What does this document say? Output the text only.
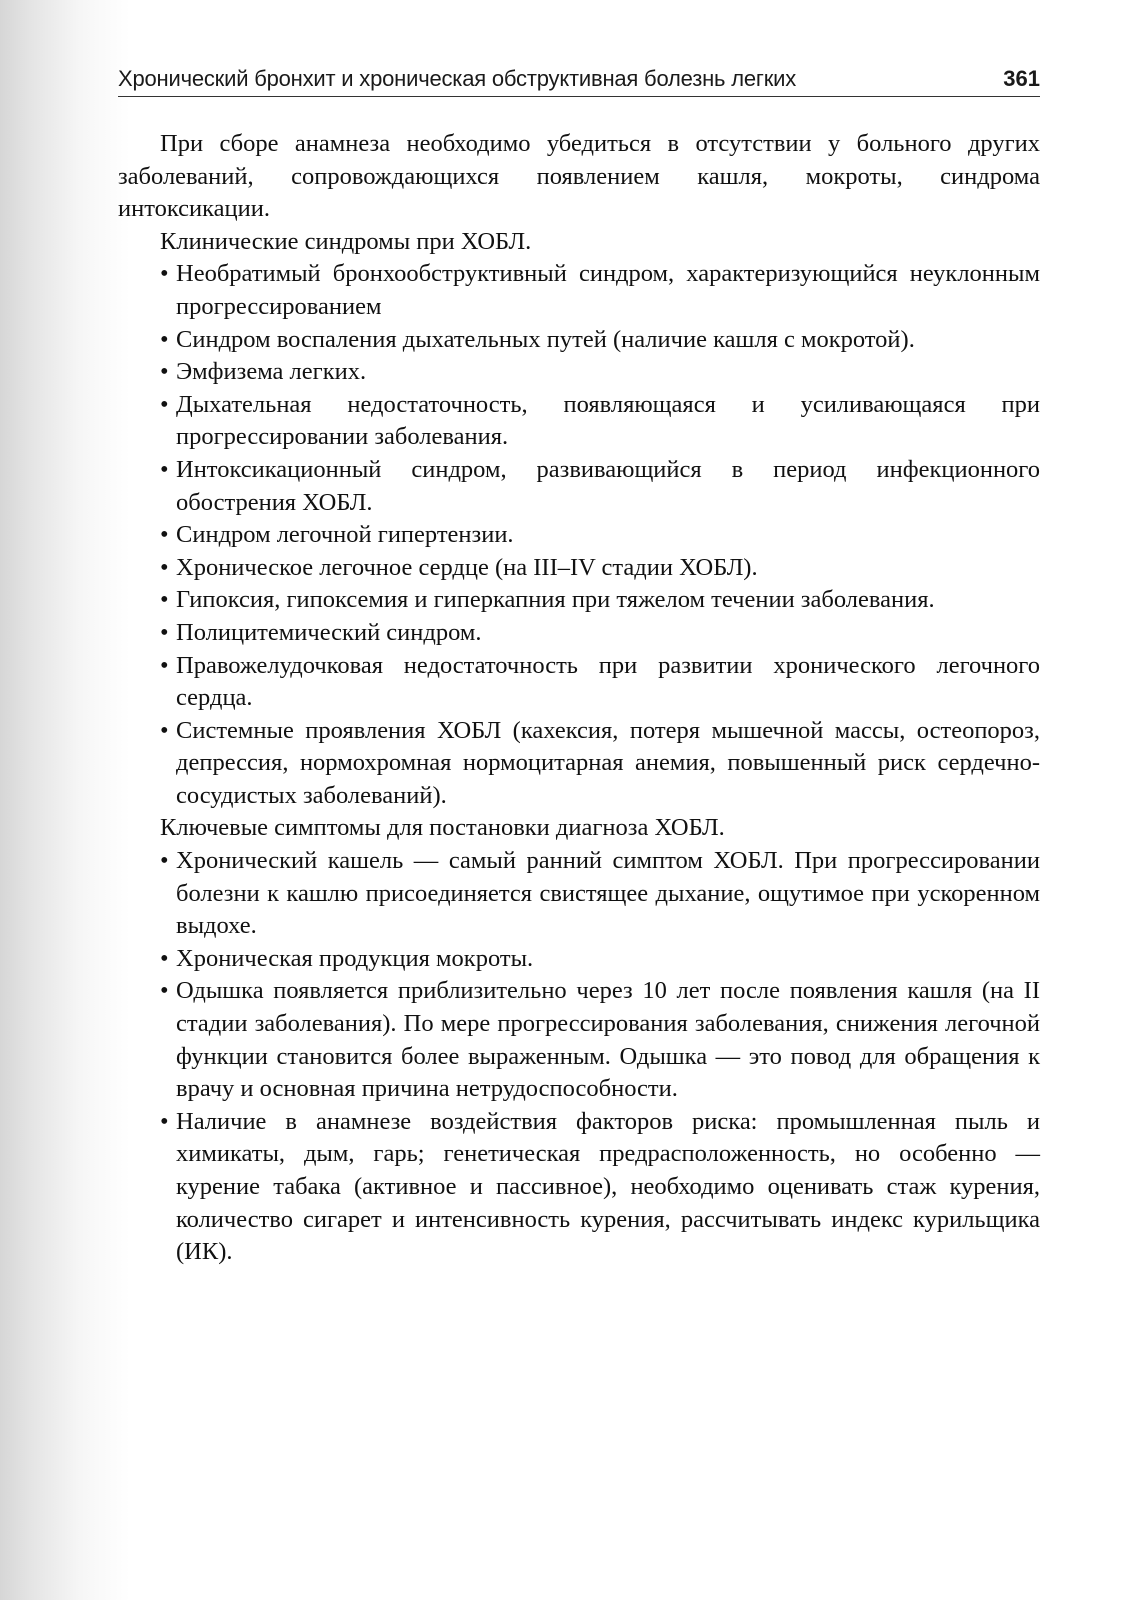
Хронический бронхит и хроническая обструктивная болезнь легких	361

При сборе анамнеза необходимо убедиться в отсутствии у больного других заболеваний, сопровождающихся появлением кашля, мокроты, синдрома интоксикации.

Клинические синдромы при ХОБЛ.

• Необратимый бронхообструктивный синдром, характеризующийся неуклонным прогрессированием
• Синдром воспаления дыхательных путей (наличие кашля с мокротой).
• Эмфизема легких.
• Дыхательная недостаточность, появляющаяся и усиливающаяся при прогрессировании заболевания.
• Интоксикационный синдром, развивающийся в период инфекционного обострения ХОБЛ.
• Синдром легочной гипертензии.
• Хроническое легочное сердце (на III–IV стадии ХОБЛ).
• Гипоксия, гипоксемия и гиперкапния при тяжелом течении заболевания.
• Полицитемический синдром.
• Правожелудочковая недостаточность при развитии хронического легочного сердца.
• Системные проявления ХОБЛ (кахексия, потеря мышечной массы, остеопороз, депрессия, нормохромная нормоцитарная анемия, повышенный риск сердечно-сосудистых заболеваний).

Ключевые симптомы для постановки диагноза ХОБЛ.

• Хронический кашель — самый ранний симптом ХОБЛ. При прогрессировании болезни к кашлю присоединяется свистящее дыхание, ощутимое при ускоренном выдохе.
• Хроническая продукция мокроты.
• Одышка появляется приблизительно через 10 лет после появления кашля (на II стадии заболевания). По мере прогрессирования заболевания, снижения легочной функции становится более выраженным. Одышка — это повод для обращения к врачу и основная причина нетрудоспособности.
• Наличие в анамнезе воздействия факторов риска: промышленная пыль и химикаты, дым, гарь; генетическая предрасположенность, но особенно — курение табака (активное и пассивное), необходимо оценивать стаж курения, количество сигарет и интенсивность курения, рассчитывать индекс курильщика (ИК).
